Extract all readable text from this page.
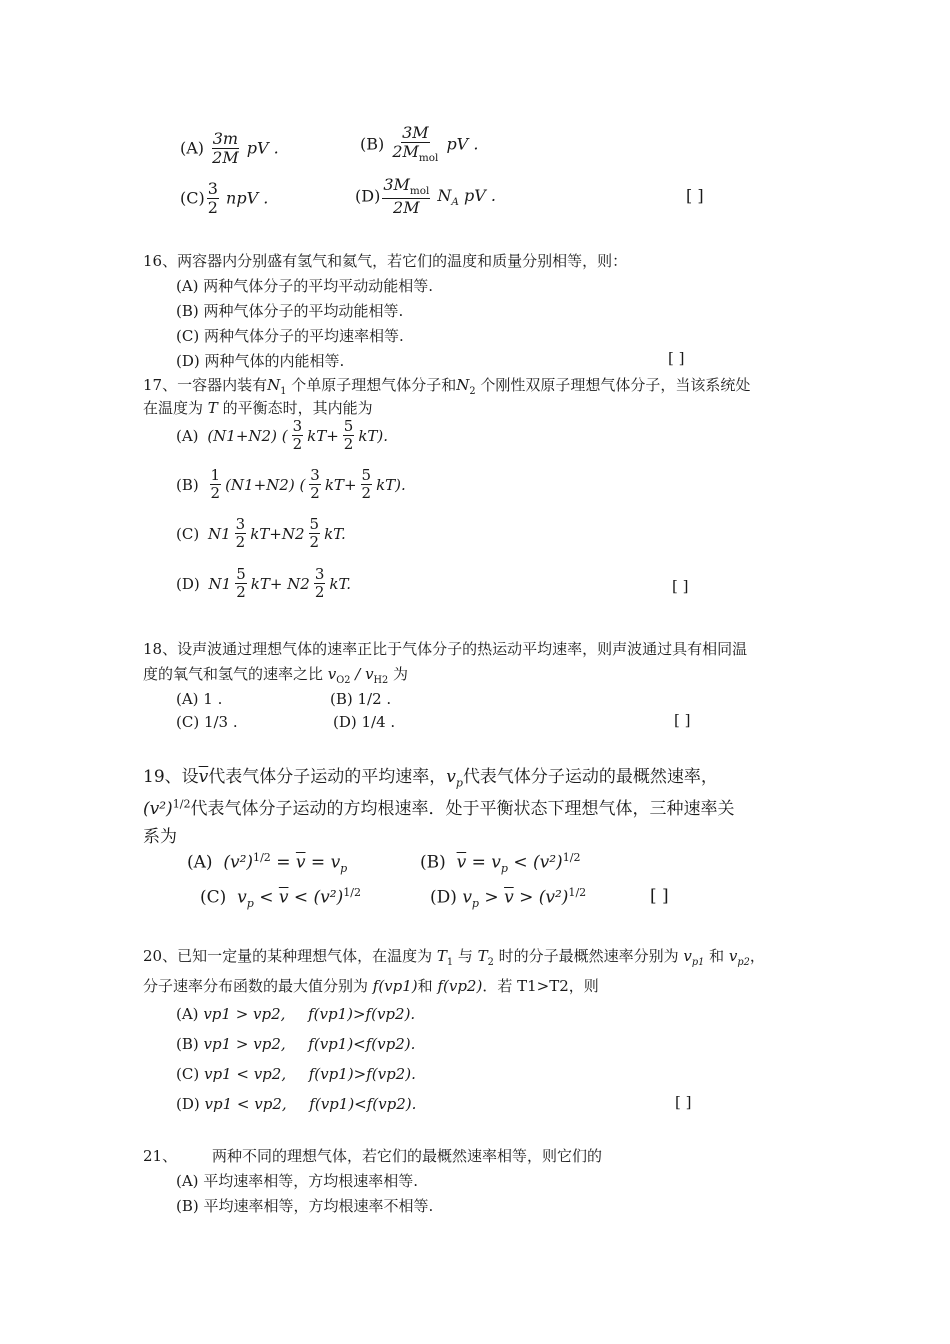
$(A) \frac{3m}{2M}$ pV .	$(B) \frac{3M}{2M_{mol}}$ pV .
$(C) \frac{3}{2}$ npV .	$(D) \frac{3M_{mol}}{2M} N_A$ pV .	[ ]
16、两容器内分别盛有氢气和氦气，若它们的温度和质量分别相等，则：
(A) 两种气体分子的平均平动动能相等.
(B) 两种气体分子的平均动能相等.
(C) 两种气体分子的平均速率相等.
(D) 两种气体的内能相等.	[ ]
17、一容器内装有$N_1$ 个单原子理想气体分子和$N_2$ 个刚性双原子理想气体分子，当该系统处
在温度为 T 的平衡态时，其内能为
(A)
(N1+N2) ( $\frac{3}{2} kT+ \frac{5}{2} kT$).
(B)
$\frac{1}{2} (N1+N2)$ ( $\frac{3}{2} kT+ \frac{5}{2} kT$).
(C)
$N1 \frac{3}{2} kT+N2 \frac{5}{2}$ kT.
(D)
$N1 \frac{5}{2} kT+ N2 \frac{3}{2}$ kT.	[ ]
18、设声波通过理想气体的速率正比于气体分子的热运动平均速率，则声波通过具有相同温
度的氧气和氢气的速率之比 $v_{O2} / v_{H2}$ 为
(A) 1 .	(B) 1/2 .
(C) 1/3 .	(D) 1/4 .	[ ]
19、设$\overline{v}$代表气体分子运动的平均速率，$v_p$代表气体分子运动的最概然速率，
$(v^2)^{1/2}$代表气体分子运动的方均根速率．处于平衡状态下理想气体，三种速率关
系为
(A) $(v^2)^{1/2} = \overline{v} = v_p$	(B) $\overline{v} = v_p < (v^2)^{1/2}$
(C) $v_p < \overline{v} < (v^2)^{1/2}$	(D) $v_p > \overline{v} > (v^2)^{1/2}$	[ ]
20、已知一定量的某种理想气体，在温度为 $T_1$ 与 $T_2$ 时的分子最概然速率分别为 $v_{p1}$ 和 $v_{p2}$，
分子速率分布函数的最大值分别为 f(vp1)和 f(vp2)．若 T1>T2，则
(A) vp1 > vp2, f(vp1)>f(vp2).
(B) vp1 > vp2, f(vp1)<f(vp2).
(C) vp1 < vp2, f(vp1)>f(vp2).
(D) vp1 < vp2, f(vp1)<f(vp2).	[ ]
21、 两种不同的理想气体，若它们的最概然速率相等，则它们的
(A) 平均速率相等，方均根速率相等.
(B) 平均速率相等，方均根速率不相等.
